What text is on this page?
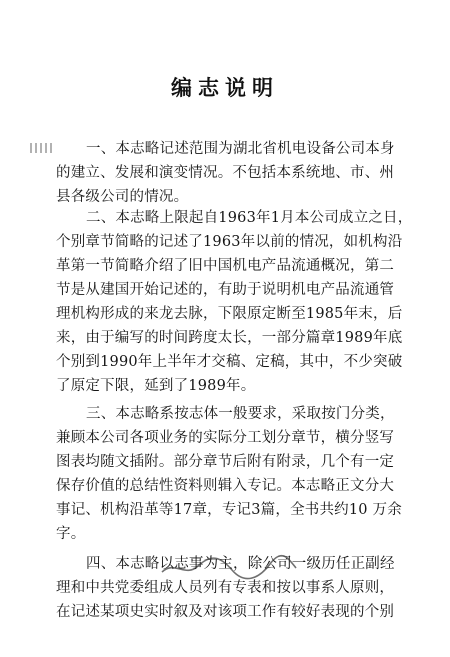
编志说明
一、本志略记述范围为湖北省机电设备公司本身
的建立、发展和演变情况。不包括本系统地、市、州
县各级公司的情况。
二、本志略上限起自1963年1月本公司成立之日，
个别章节简略的记述了1963年以前的情况，如机构沿
革第一节简略介绍了旧中国机电产品流通概况，第二
节是从建国开始记述的，有助于说明机电产品流通管
理机构形成的来龙去脉，下限原定断至1985年末，后
来，由于编写的时间跨度太长，一部分篇章1989年底
个别到1990年上半年才交稿、定稿，其中，不少突破
了原定下限，延到了1989年。
三、本志略系按志体一般要求，采取按门分类，
兼顾本公司各项业务的实际分工划分章节，横分竖写
图表均随文插附。部分章节后附有附录，几个有一定
保存价值的总结性资料则辑入专记。本志略正文分大
事记、机构沿革等17章，专记3篇，全书共约10 万余
字。
四、本志略以志事为主，除公司一级历任正副经
理和中共党委组成人员列有专表和按以事系人原则，
在记述某项史实时叙及对该项工作有较好表现的个别
